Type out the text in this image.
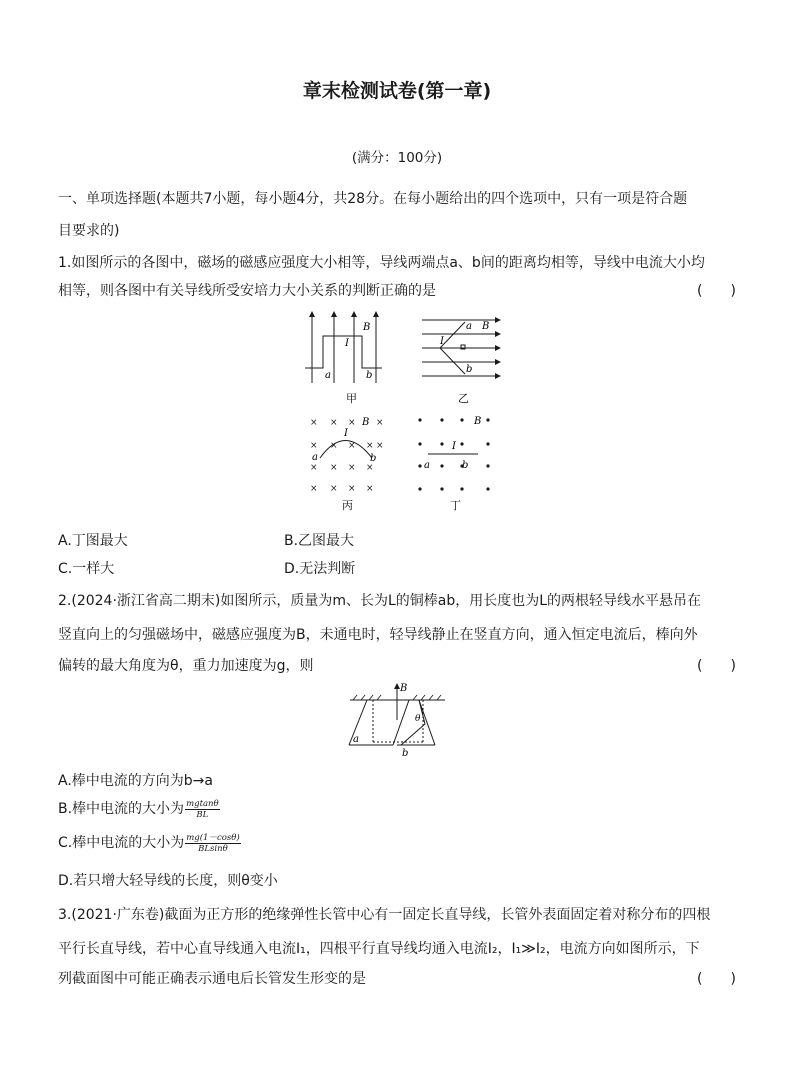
章末检测试卷(第一章)
(满分：100分)
一、单项选择题(本题共7小题，每小题4分，共28分。在每小题给出的四个选项中，只有一项是符合题
目要求的)
1.如图所示的各图中，磁场的磁感应强度大小相等，导线两端点a、b间的距离均相等，导线中电流大小均
相等，则各图中有关导线所受安培力大小关系的判断正确的是	(　　)
B
I
a	b
甲
a B
I
b
乙
× × × ×
× × × × ×
× × × ×
× × × ×
B
I
a	b
丙
B
I
a	b
丁
A.丁图最大	B.乙图最大
C.一样大	D.无法判断
2.(2024·浙江省高二期末)如图所示，质量为m、长为L的铜棒ab，用长度也为L的两根轻导线水平悬吊在
竖直向上的匀强磁场中，磁感应强度为B，未通电时，轻导线静止在竖直方向，通入恒定电流后，棒向外
偏转的最大角度为θ，重力加速度为g，则	(　　)
B
θ
a
b
A.棒中电流的方向为b→a
B.棒中电流的大小为 $\frac{mgtan\theta}{BL}$
C.棒中电流的大小为 $\frac{mg(1-\cos\theta)}{BLsin\theta}$
D.若只增大轻导线的长度，则θ变小
3.(2021·广东卷)截面为正方形的绝缘弹性长管中心有一固定长直导线，长管外表面固定着对称分布的四根
平行长直导线，若中心直导线通入电流I₁，四根平行直导线均通入电流I₂，I₁≫I₂，电流方向如图所示，下
列截面图中可能正确表示通电后长管发生形变的是	(　　)
